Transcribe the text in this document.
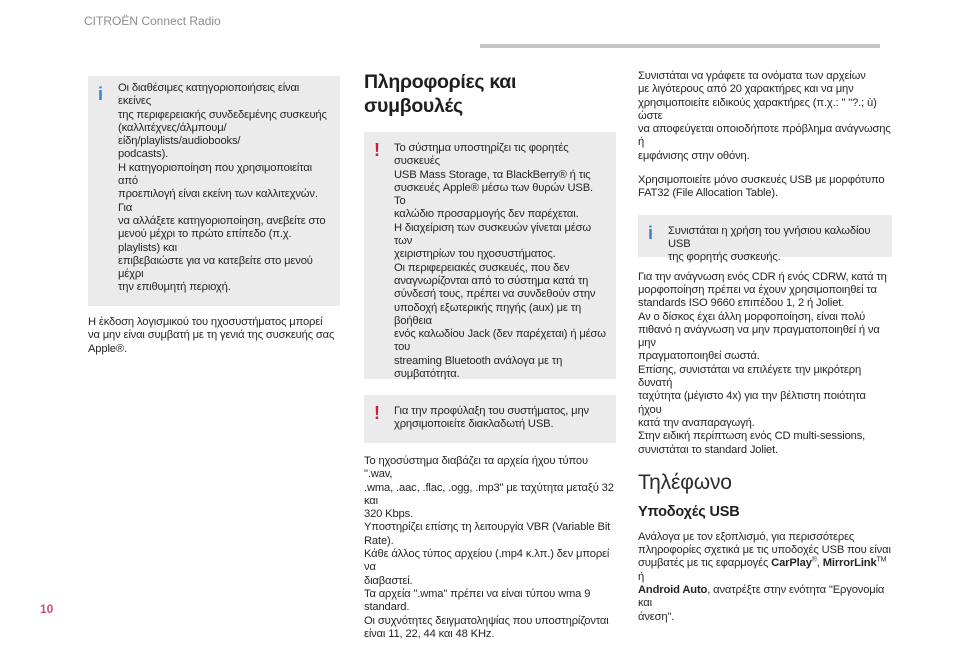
CITROËN Connect Radio
10
i Οι διαθέσιμες κατηγοριοποιήσεις είναι εκείνες
της περιφερειακής συνδεδεμένης συσκευής
(καλλιτέχνες/άλμπουμ/είδη/playlists/audiobooks/
podcasts).
Η κατηγοριοποίηση που χρησιμοποιείται από
προεπιλογή είναι εκείνη των καλλιτεχνών. Για
να αλλάξετε κατηγοριοποίηση, ανεβείτε στο
μενού μέχρι το πρώτο επίπεδο (π.χ. playlists) και
επιβεβαιώστε για να κατεβείτε στο μενού μέχρι
την επιθυμητή περιοχή.

Η έκδοση λογισμικού του ηχοσυστήματος μπορεί
να μην είναι συμβατή με τη γενιά της συσκευής σας
Apple®.

Πληροφορίες και συμβουλές
! Το σύστημα υποστηρίζει τις φορητές συσκευές
USB Mass Storage, τα BlackBerry® ή τις
συσκευές Apple® μέσω των θυρών USB. Το
καλώδιο προσαρμογής δεν παρέχεται.
Η διαχείριση των συσκευών γίνεται μέσω των
χειριστηρίων του ηχοσυστήματος.
Οι περιφερειακές συσκευές, που δεν
αναγνωρίζονται από το σύστημα κατά τη
σύνδεσή τους, πρέπει να συνδεθούν στην
υποδοχή εξωτερικής πηγής (aux) με τη βοήθεια
ενός καλωδίου Jack (δεν παρέχεται) ή μέσω του
streaming Bluetooth ανάλογα με τη συμβατότητα.

! Για την προφύλαξη του συστήματος, μην
χρησιμοποιείτε διακλαδωτή USB.

Το ηχοσύστημα διαβάζει τα αρχεία ήχου τύπου ".wav,
.wma, .aac, .flac, .ogg, .mp3" με ταχύτητα μεταξύ 32 και
320 Kbps.
Υποστηρίζει επίσης τη λειτουργία VBR (Variable Bit
Rate).
Κάθε άλλος τύπος αρχείου (.mp4 κ.λπ.) δεν μπορεί να
διαβαστεί.
Τα αρχεία ".wma" πρέπει να είναι τύπου wma 9
standard.
Οι συχνότητες δειγματοληψίας που υποστηρίζονται
είναι 11, 22, 44 και 48 KHz.

Συνιστάται να γράφετε τα ονόματα των αρχείων
με λιγότερους από 20 χαρακτήρες και να μην
χρησιμοποιείτε ειδικούς χαρακτήρες (π.χ.: " "?.; ù) ώστε
να αποφεύγεται οποιοδήποτε πρόβλημα ανάγνωσης ή
εμφάνισης στην οθόνη.

Χρησιμοποιείτε μόνο συσκευές USB με μορφότυπο
FAT32 (File Allocation Table).

i Συνιστάται η χρήση του γνήσιου καλωδίου USB
της φορητής συσκευής.

Για την ανάγνωση ενός CDR ή ενός CDRW, κατά τη
μορφοποίηση πρέπει να έχουν χρησιμοποιηθεί τα
standards ISO 9660 επιπέδου 1, 2 ή Joliet.
Αν ο δίσκος έχει άλλη μορφοποίηση, είναι πολύ
πιθανό η ανάγνωση να μην πραγματοποιηθεί ή να μην
πραγματοποιηθεί σωστά.
Επίσης, συνιστάται να επιλέγετε την μικρότερη δυνατή
ταχύτητα (μέγιστο 4x) για την βέλτιστη ποιότητα ήχου
κατά την αναπαραγωγή.
Στην ειδική περίπτωση ενός CD multi-sessions,
συνιστάται το standard Joliet.

Τηλέφωνο
Υποδοχές USB

Ανάλογα με τον εξοπλισμό, για περισσότερες
πληροφορίες σχετικά με τις υποδοχές USB που είναι
συμβατές με τις εφαρμογές CarPlay®, MirrorLink™ ή
Android Auto, ανατρέξτε στην ενότητα "Εργονομία και
άνεση".
